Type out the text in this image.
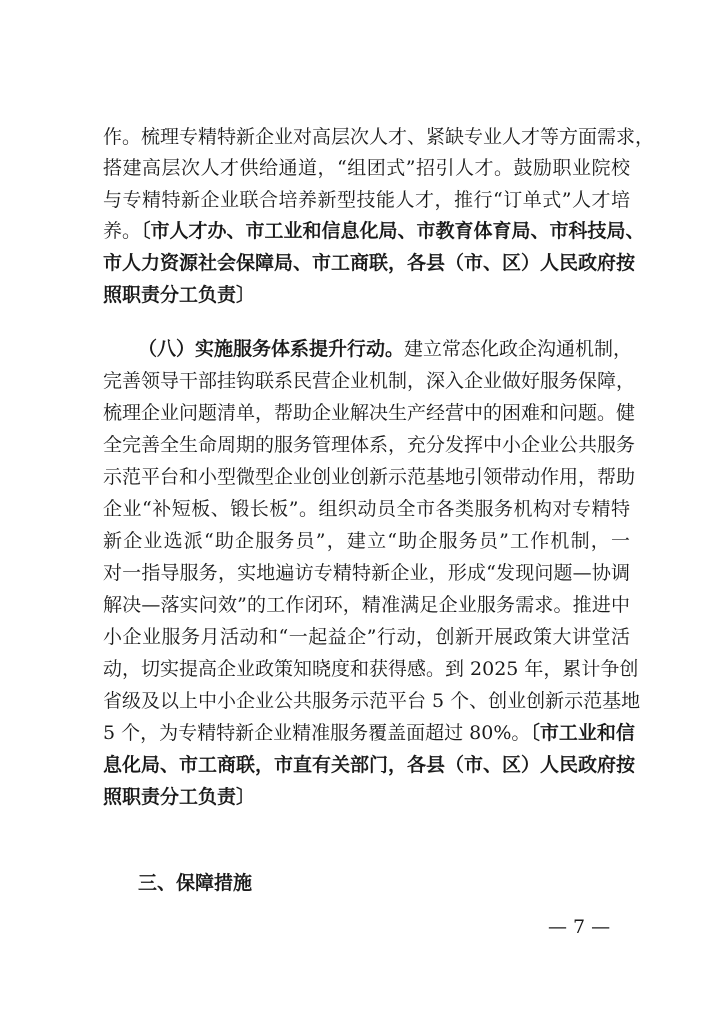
作。梳理专精特新企业对高层次人才、紧缺专业人才等方面需求，
搭建高层次人才供给通道，“组团式”招引人才。鼓励职业院校
与专精特新企业联合培养新型技能人才，推行“订单式”人才培
养。〔市人才办、市工业和信息化局、市教育体育局、市科技局、
市人力资源社会保障局、市工商联，各县（市、区）人民政府按
照职责分工负责〕
（八）实施服务体系提升行动。建立常态化政企沟通机制，
完善领导干部挂钩联系民营企业机制，深入企业做好服务保障，
梳理企业问题清单，帮助企业解决生产经营中的困难和问题。健
全完善全生命周期的服务管理体系，充分发挥中小企业公共服务
示范平台和小型微型企业创业创新示范基地引领带动作用，帮助
企业“补短板、锻长板”。组织动员全市各类服务机构对专精特
新企业选派“助企服务员”，建立“助企服务员”工作机制，一
对一指导服务，实地遍访专精特新企业，形成“发现问题—协调
解决—落实问效”的工作闭环，精准满足企业服务需求。推进中
小企业服务月活动和“一起益企”行动，创新开展政策大讲堂活
动，切实提高企业政策知晓度和获得感。到 2025 年，累计争创
省级及以上中小企业公共服务示范平台 5 个、创业创新示范基地
5 个，为专精特新企业精准服务覆盖面超过 80%。〔市工业和信
息化局、市工商联，市直有关部门，各县（市、区）人民政府按
照职责分工负责〕
三、保障措施
— 7 —
